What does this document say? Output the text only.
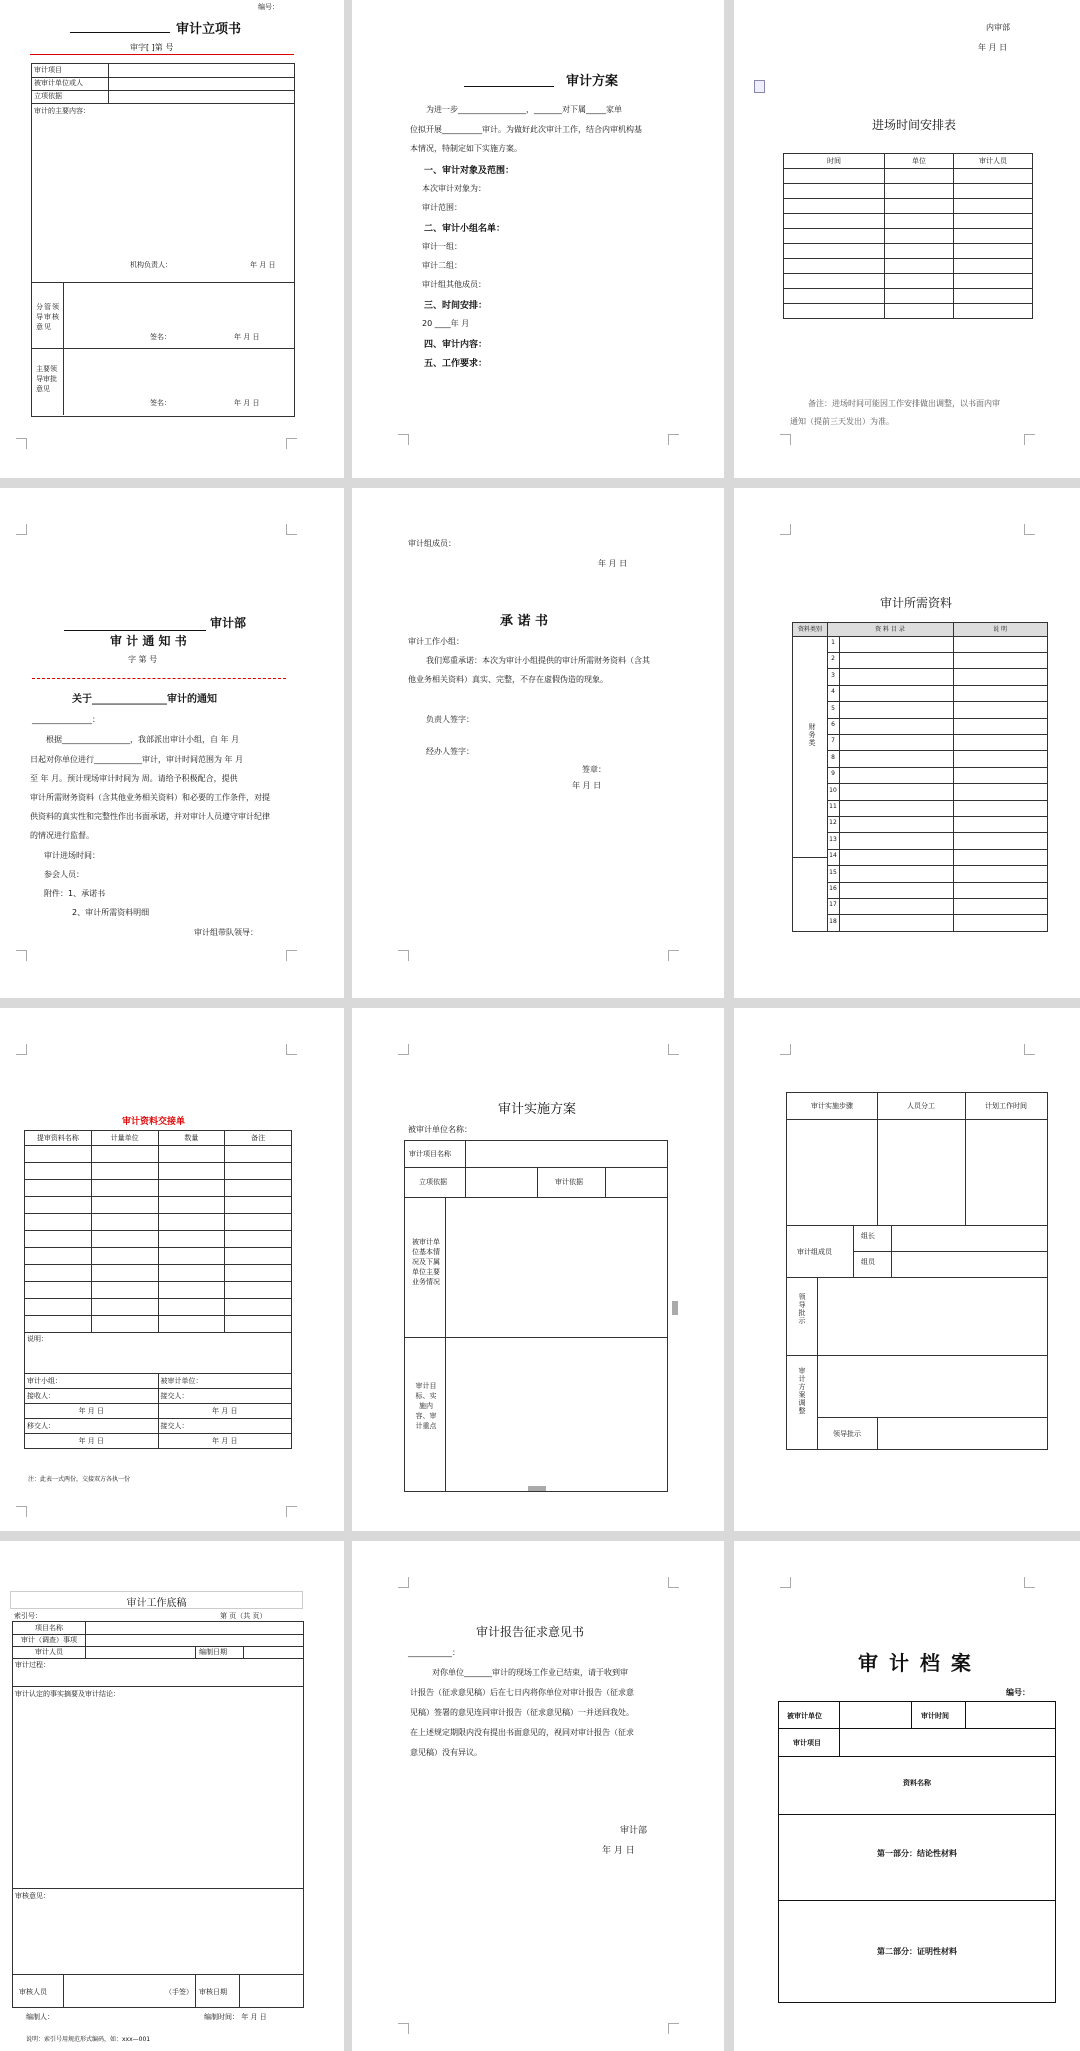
编号：
审计立项书
审字[ ]第 号
审计项目
被审计单位或人
立项依据
审计的主要内容：
机构负责人：	年 月 日
分管领导审核意见
签名：	年 月 日
主要领导审批意见
签名：	年 月 日
审计方案
为进一步_________________，_______对下属_____家单
位拟开展__________审计。为做好此次审计工作，结合内审机构基
本情况，特制定如下实施方案。
一、审计对象及范围：
本次审计对象为：
审计范围：
二、审计小组名单：
审计一组：
审计二组：
审计组其他成员：
三、时间安排：
20 ____年 月
四、审计内容：
五、工作要求：
内审部
年 月 日
进场时间安排表
时间	单位	审计人员

备注：进场时间可能因工作安排做出调整，以书面内审
通知（提前三天发出）为准。
审计部
审 计 通 知 书
字 第 号
关于_______________审计的通知
_______________：
根据_________________，我部派出审计小组，自 年 月
日起对你单位进行____________审计，审计时间范围为 年 月
至 年 月。预计现场审计时间为 周。请给予积极配合，提供
审计所需财务资料（含其他业务相关资料）和必要的工作条件，对提
供资料的真实性和完整性作出书面承诺，并对审计人员遵守审计纪律
的情况进行监督。
审计进场时间：
参会人员：
附件：1、承诺书
2、审计所需资料明细
审计组带队领导：
审计组成员：
年 月 日
承 诺 书
审计工作小组：
我们郑重承诺：本次为审计小组提供的审计所需财务资料（含其
他业务相关资料）真实、完整，不存在虚假伪造的现象。
负责人签字：
经办人签字：
签章：
年 月 日
审计所需资料
资料类别	资 料 目 录	说 明
财务类
1
2
3
4
5
6
7
8
9
10
11
12
13
14
15
16
17
18
审计资料交接单
提审资料名称	计量单位	数量	备注

说明：			
审计小组：		被审计单位：	
接收人：		接交人：	
年 月 日		年 月 日	
移交人：		接交人：	
年 月 日		年 月 日	
注：此表一式两份，交接双方各执一份
审计实施方案
被审计单位名称：
审计项目名称
立项依据	审计依据
被审计单位基本情况及下属单位主要业务情况
审计目标、实施内容、审计重点
审计实施步骤	人员分工	计划工作时间
审计组成员
组长
组员
领导批示
审计方案调整
领导批示
审计工作底稿
索引号：	第 页（共 页）
项目名称
审计（调查）事项
审计人员	编制日期
审计过程：
审计认定的事实摘要及审计结论：
审核意见：
审核人员	（手签） 审核日期
编制人：	编制时间： 年 月 日
说明：索引号用规范形式编码，如：xxx—001
审计报告征求意见书
___________：
对你单位_______审计的现场工作业已结束，请于收到审
计报告（征求意见稿）后在七日内将你单位对审计报告（征求意
见稿）签署的意见连同审计报告（征求意见稿）一并送回我处。
在上述规定期限内没有提出书面意见的，视同对审计报告（征求
意见稿）没有异议。
审计部
年 月 日
审 计 档 案
编号：
被审计单位	审计时间
审计项目
资料名称
第一部分：结论性材料
第二部分：证明性材料
